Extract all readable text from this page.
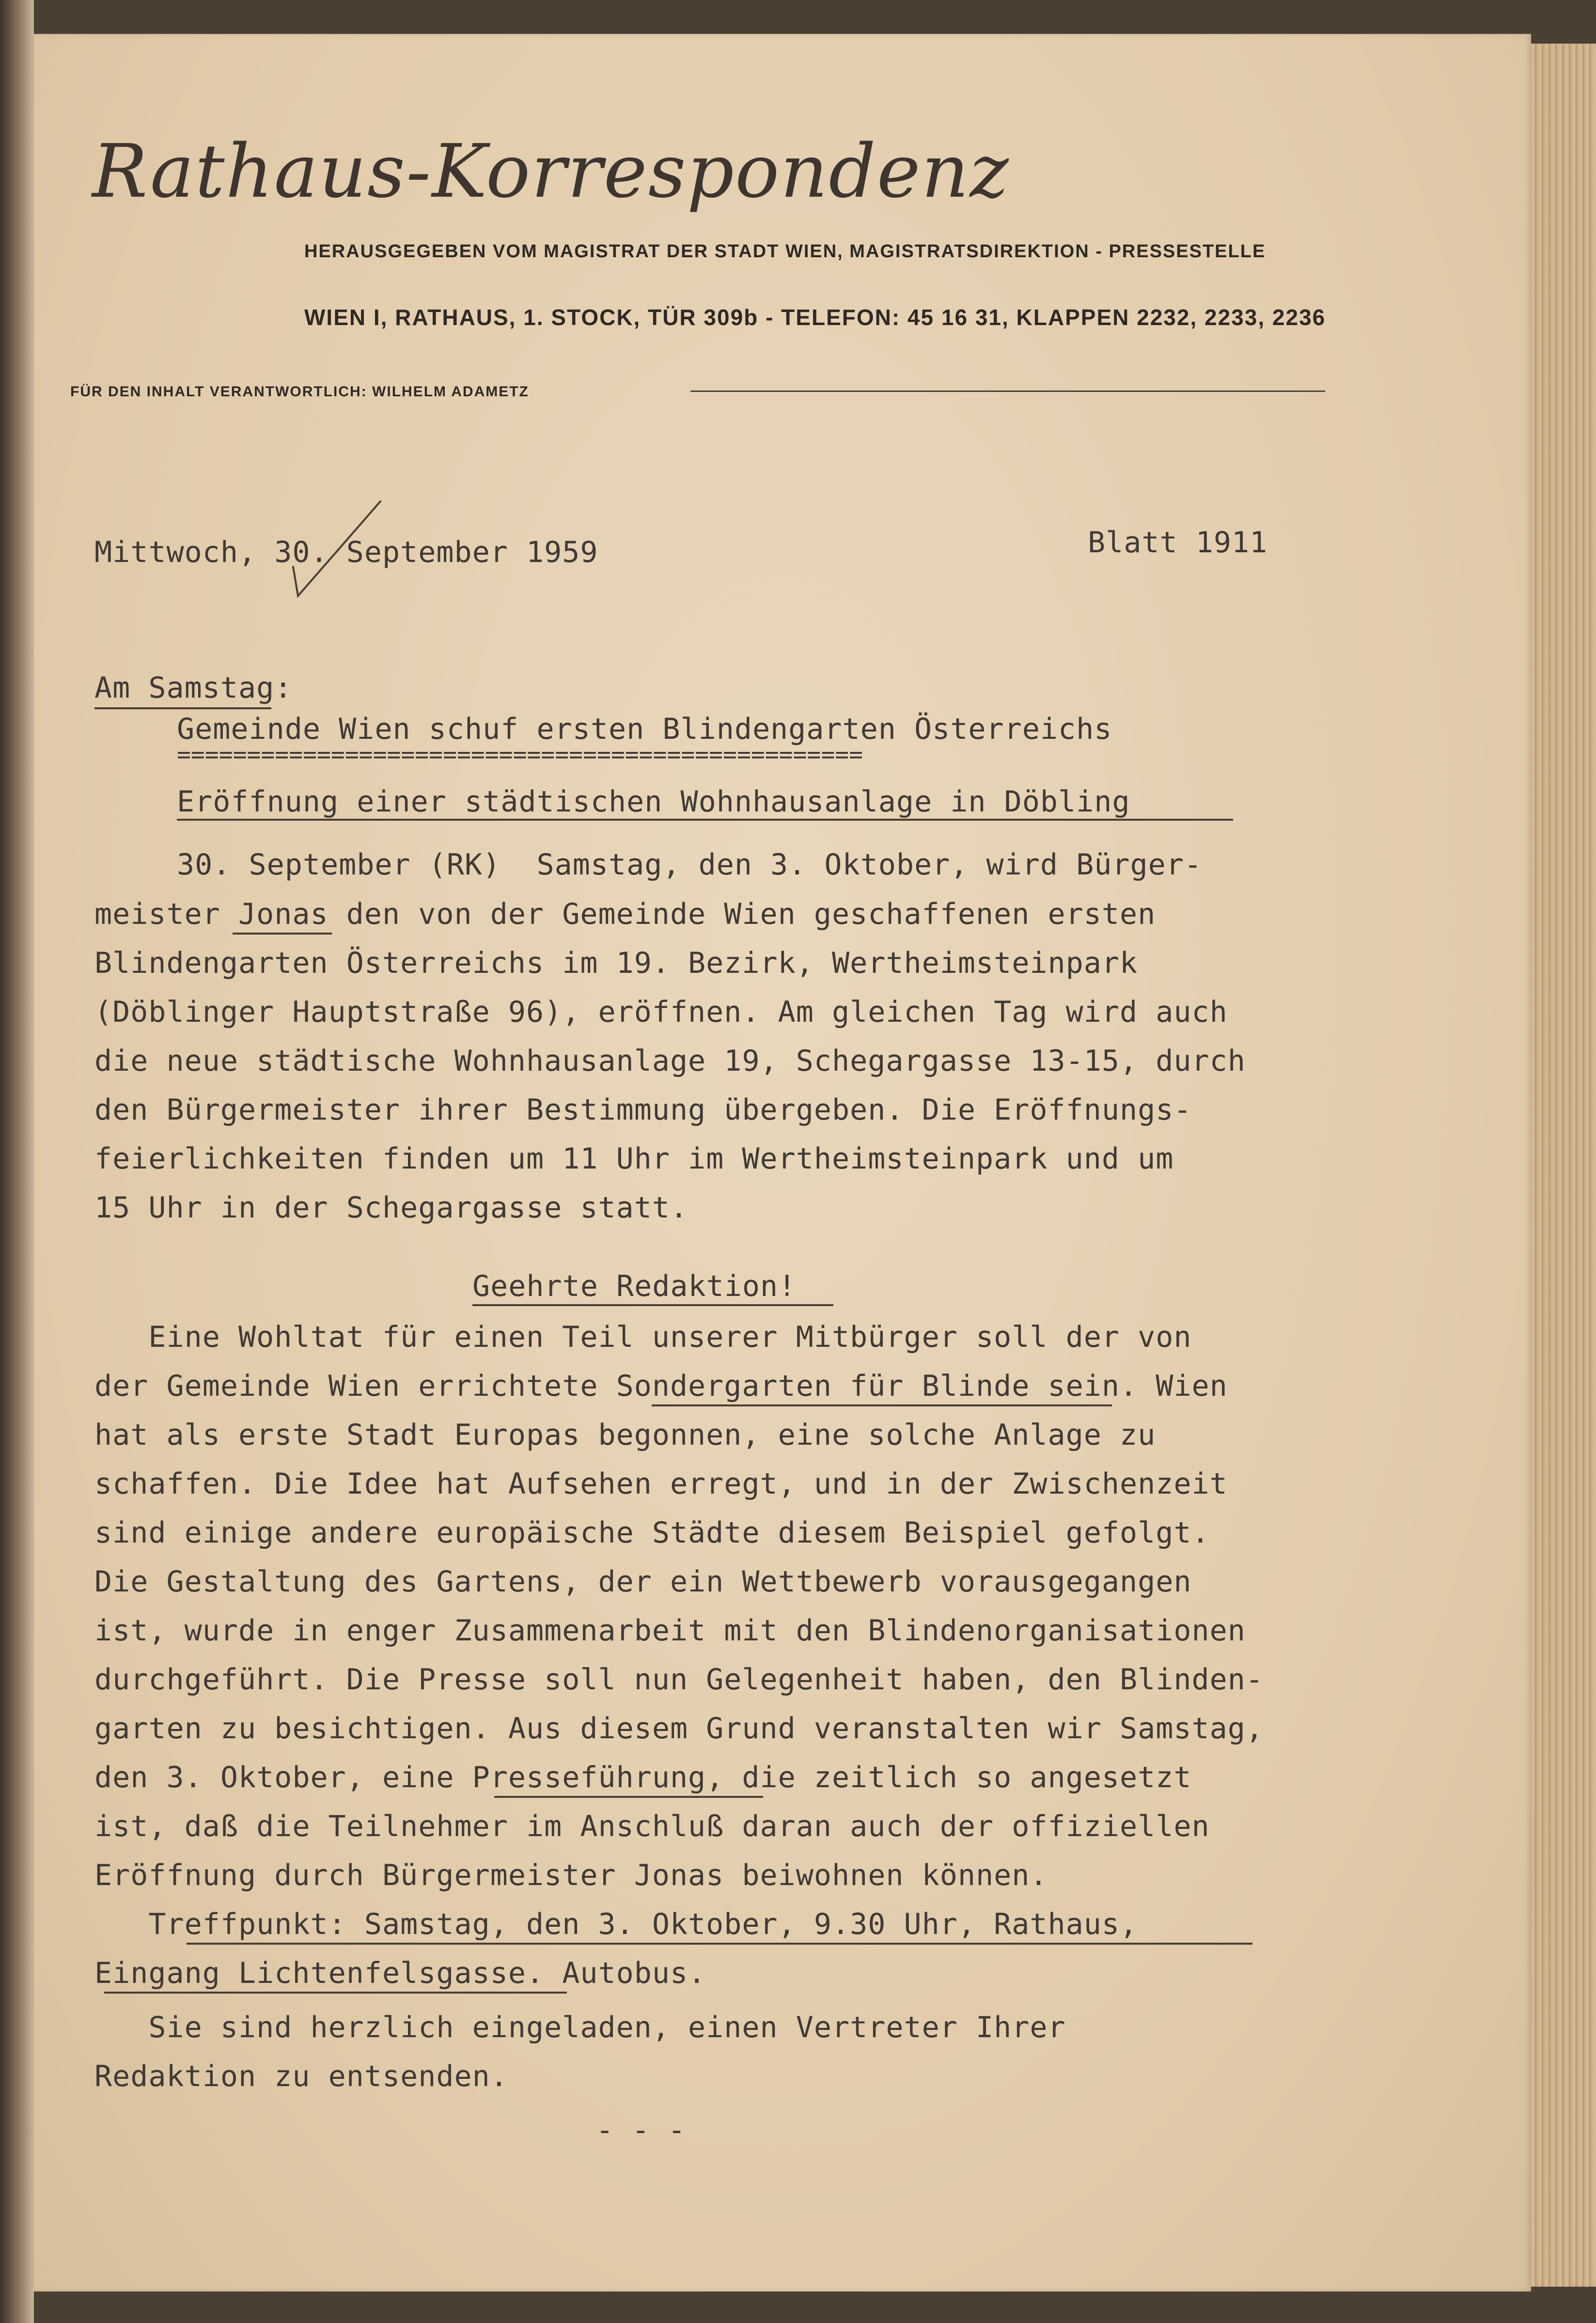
Rathaus-Korrespondenz
HERAUSGEGEBEN VOM MAGISTRAT DER STADT WIEN, MAGISTRATSDIREKTION - PRESSESTELLE
WIEN I, RATHAUS, 1. STOCK, TÜR 309b - TELEFON: 45 16 31, KLAPPEN 2232, 2233, 2236
FÜR DEN INHALT VERANTWORTLICH: WILHELM ADAMETZ
Mittwoch, 30. September 1959	Blatt 1911
Am Samstag:
Gemeinde Wien schuf ersten Blindengarten Österreichs
=================================================
Eröffnung einer städtischen Wohnhausanlage in Döbling
30. September (RK)  Samstag, den 3. Oktober, wird Bürger-
meister Jonas den von der Gemeinde Wien geschaffenen ersten
Blindengarten Österreichs im 19. Bezirk, Wertheimsteinpark
(Döblinger Hauptstraße 96), eröffnen. Am gleichen Tag wird auch
die neue städtische Wohnhausanlage 19, Schegargasse 13-15, durch
den Bürgermeister ihrer Bestimmung übergeben. Die Eröffnungs-
feierlichkeiten finden um 11 Uhr im Wertheimsteinpark und um
15 Uhr in der Schegargasse statt.
Geehrte Redaktion!
Eine Wohltat für einen Teil unserer Mitbürger soll der von
der Gemeinde Wien errichtete Sondergarten für Blinde sein. Wien
hat als erste Stadt Europas begonnen, eine solche Anlage zu
schaffen. Die Idee hat Aufsehen erregt, und in der Zwischenzeit
sind einige andere europäische Städte diesem Beispiel gefolgt.
Die Gestaltung des Gartens, der ein Wettbewerb vorausgegangen
ist, wurde in enger Zusammenarbeit mit den Blindenorganisationen
durchgeführt. Die Presse soll nun Gelegenheit haben, den Blinden-
garten zu besichtigen. Aus diesem Grund veranstalten wir Samstag,
den 3. Oktober, eine Presseführung, die zeitlich so angesetzt
ist, daß die Teilnehmer im Anschluß daran auch der offiziellen
Eröffnung durch Bürgermeister Jonas beiwohnen können.
Treffpunkt: Samstag, den 3. Oktober, 9.30 Uhr, Rathaus,
Eingang Lichtenfelsgasse. Autobus.
Sie sind herzlich eingeladen, einen Vertreter Ihrer
Redaktion zu entsenden.
- - -
